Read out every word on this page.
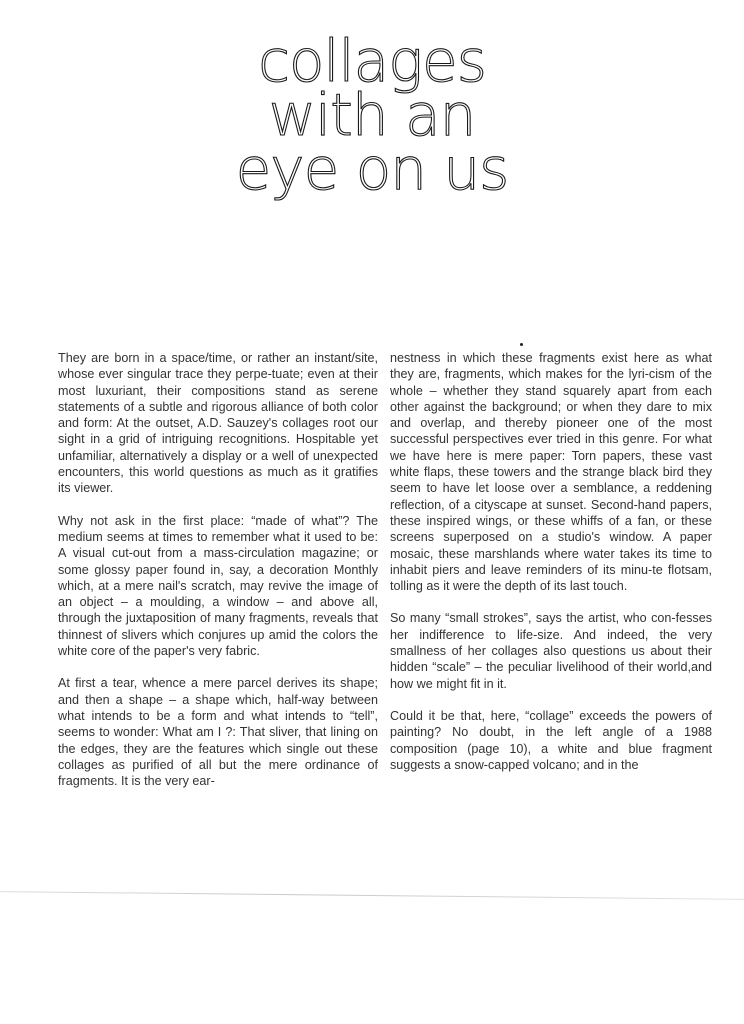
collages
with an
eye on us

They are born in a space/time, or rather an instant/site, whose ever singular trace they perpe-tuate; even at their most luxuriant, their compositions stand as serene statements of a subtle and rigorous alliance of both color and form: At the outset, A.D. Sauzey's collages root our sight in a grid of intriguing recognitions. Hospitable yet unfamiliar, alternatively a display or a well of unexpected encounters, this world questions as much as it gratifies its viewer.

Why not ask in the first place: “made of what”? The medium seems at times to remember what it used to be: A visual cut-out from a mass-circulation magazine; or some glossy paper found in, say, a decoration Monthly which, at a mere nail's scratch, may revive the image of an object – a moulding, a window – and above all, through the juxtaposition of many fragments, reveals that thinnest of slivers which conjures up amid the colors the white core of the paper's very fabric.

At first a tear, whence a mere parcel derives its shape; and then a shape – a shape which, half-way between what intends to be a form and what intends to “tell”, seems to wonder: What am I ?: That sliver, that lining on the edges, they are the features which single out these collages as purified of all but the mere ordinance of fragments. It is the very ear-

nestness in which these fragments exist here as what they are, fragments, which makes for the lyri-cism of the whole – whether they stand squarely apart from each other against the background; or when they dare to mix and overlap, and thereby pioneer one of the most successful perspectives ever tried in this genre. For what we have here is mere paper: Torn papers, these vast white flaps, these towers and the strange black bird they seem to have let loose over a semblance, a reddening reflection, of a cityscape at sunset. Second-hand papers, these inspired wings, or these whiffs of a fan, or these screens superposed on a studio's window. A paper mosaic, these marshlands where water takes its time to inhabit piers and leave reminders of its minu-te flotsam, tolling as it were the depth of its last touch.

So many “small strokes”, says the artist, who con-fesses her indifference to life-size. And indeed, the very smallness of her collages also questions us about their hidden “scale” – the peculiar livelihood of their world,and how we might fit in it.

Could it be that, here, “collage” exceeds the powers of painting? No doubt, in the left angle of a 1988 composition (page 10), a white and blue fragment suggests a snow-capped volcano; and in the
